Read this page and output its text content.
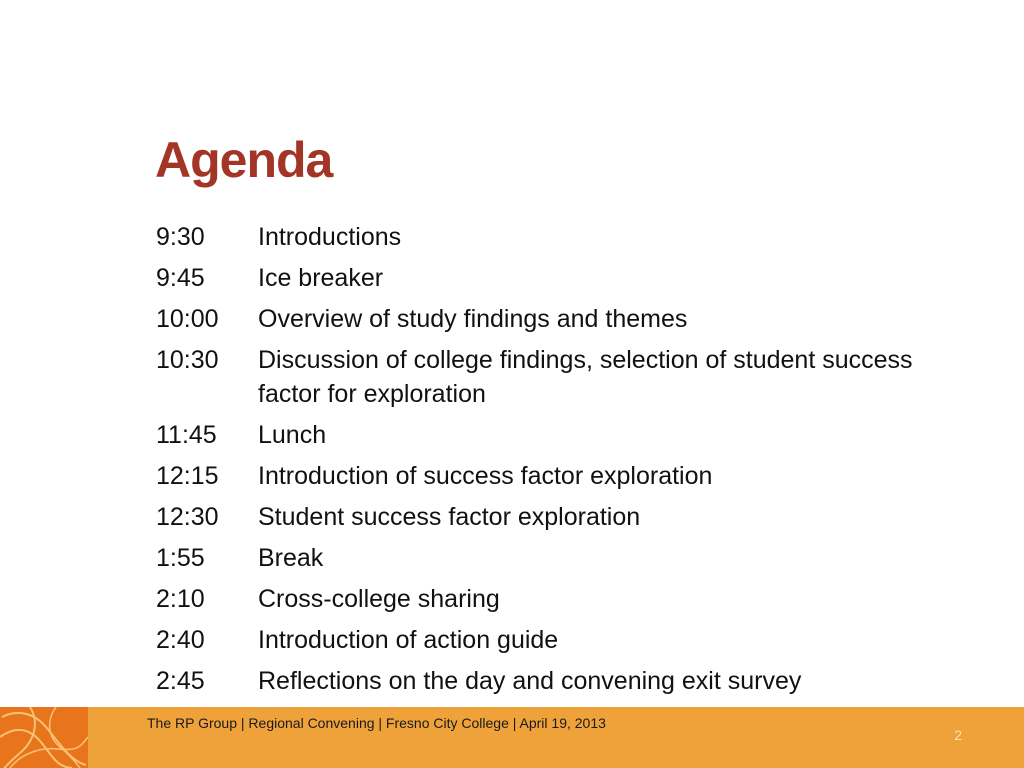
Agenda
9:30	Introductions
9:45	Ice breaker
10:00	Overview of study findings and themes
10:30	Discussion of college findings, selection of student success factor for exploration
11:45	Lunch
12:15	Introduction of success factor exploration
12:30	Student success factor exploration
1:55	Break
2:10	Cross-college sharing
2:40	Introduction of action guide
2:45	Reflections on the day and convening exit survey
The RP Group | Regional Convening | Fresno City College | April 19, 2013
2
